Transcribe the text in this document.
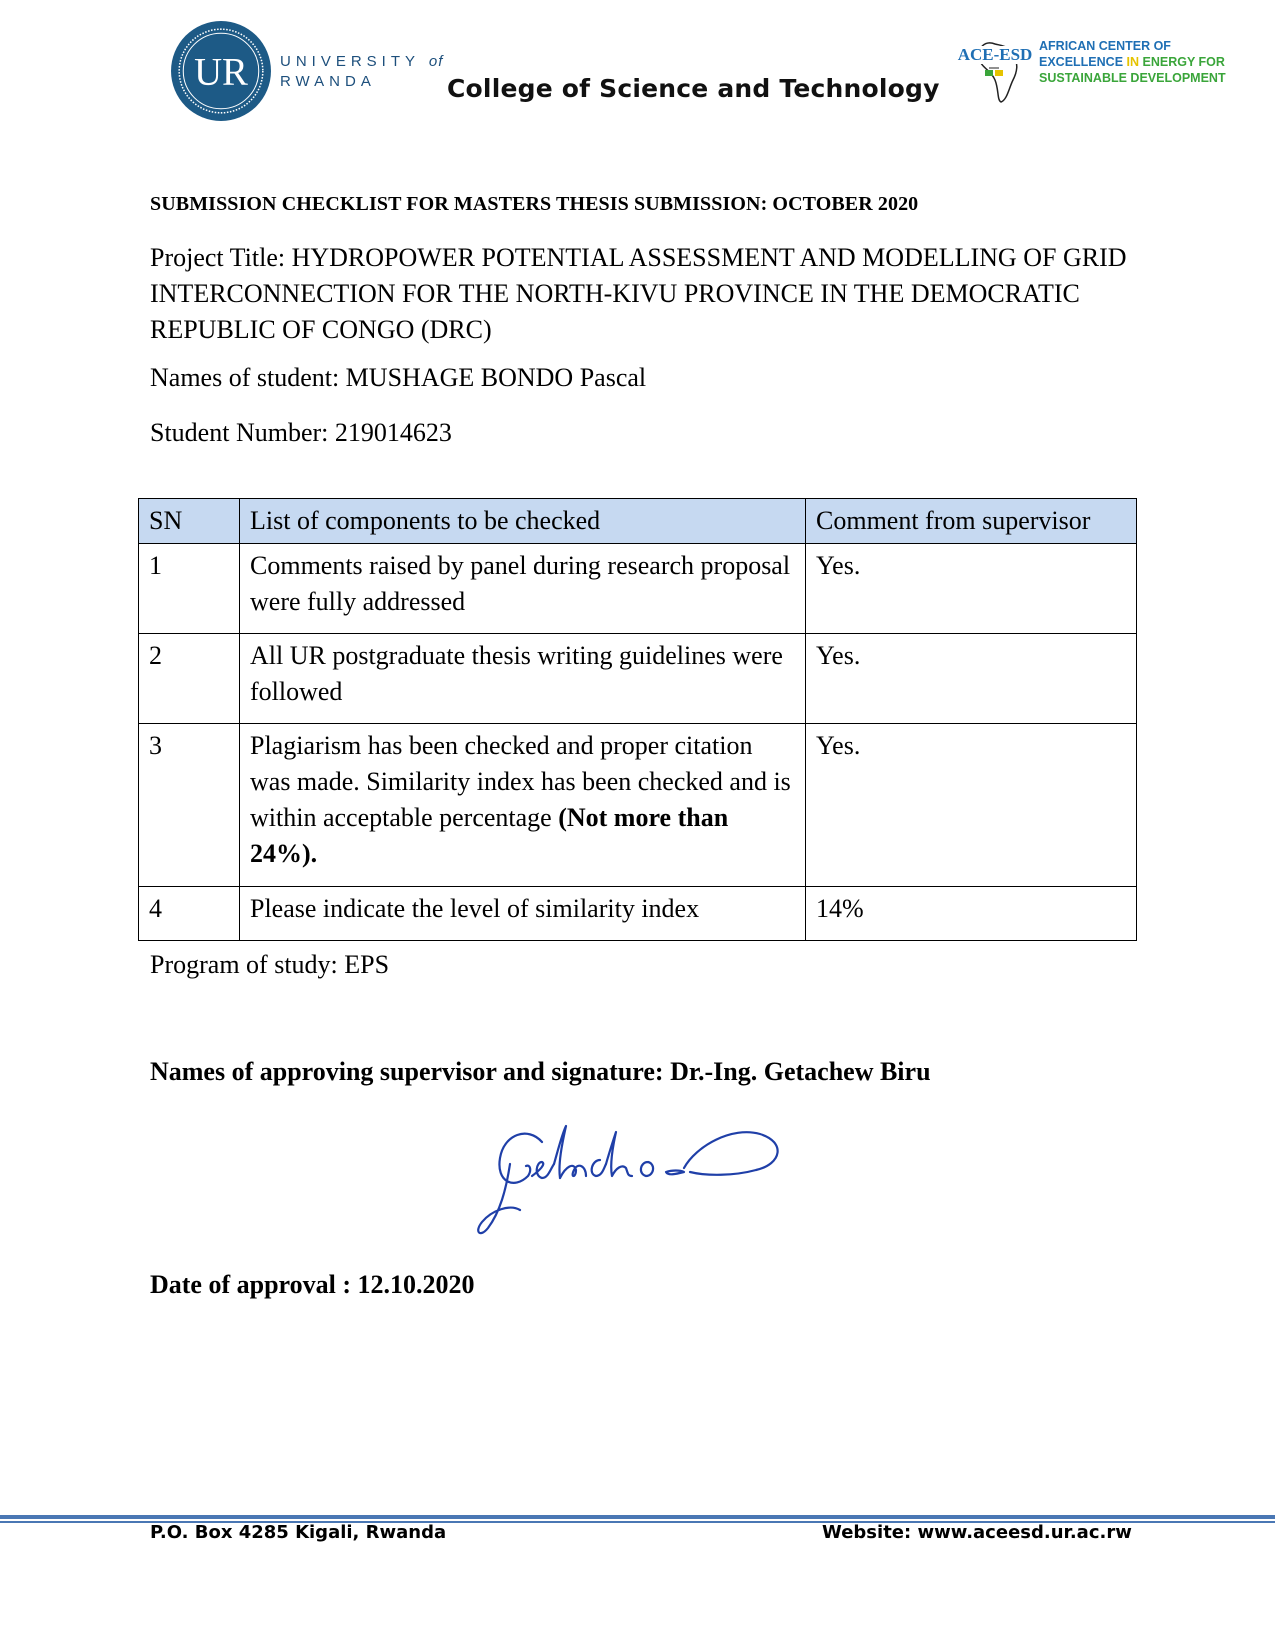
UR UNIVERSITY of
RWANDA	College of Science and Technology
ACE-ESD AFRICAN CENTER OF
EXCELLENCE IN ENERGY FOR
SUSTAINABLE DEVELOPMENT
SUBMISSION CHECKLIST FOR MASTERS THESIS SUBMISSION: OCTOBER 2020
Project Title: HYDROPOWER POTENTIAL ASSESSMENT AND MODELLING OF GRID INTERCONNECTION FOR THE NORTH-KIVU PROVINCE IN THE DEMOCRATIC REPUBLIC OF CONGO (DRC)
Names of student: MUSHAGE BONDO Pascal
Student Number: 219014623
SN	List of components to be checked	Comment from supervisor
1	Comments raised by panel during research proposal were fully addressed	Yes.
2	All UR postgraduate thesis writing guidelines were followed	Yes.
3	Plagiarism has been checked and proper citation was made. Similarity index has been checked and is within acceptable percentage (Not more than 24%).	Yes.
4	Please indicate the level of similarity index	14%
Program of study: EPS
Names of approving supervisor and signature: Dr.-Ing. Getachew Biru
Date of approval : 12.10.2020
P.O. Box 4285 Kigali, Rwanda	Website: www.aceesd.ur.ac.rw
